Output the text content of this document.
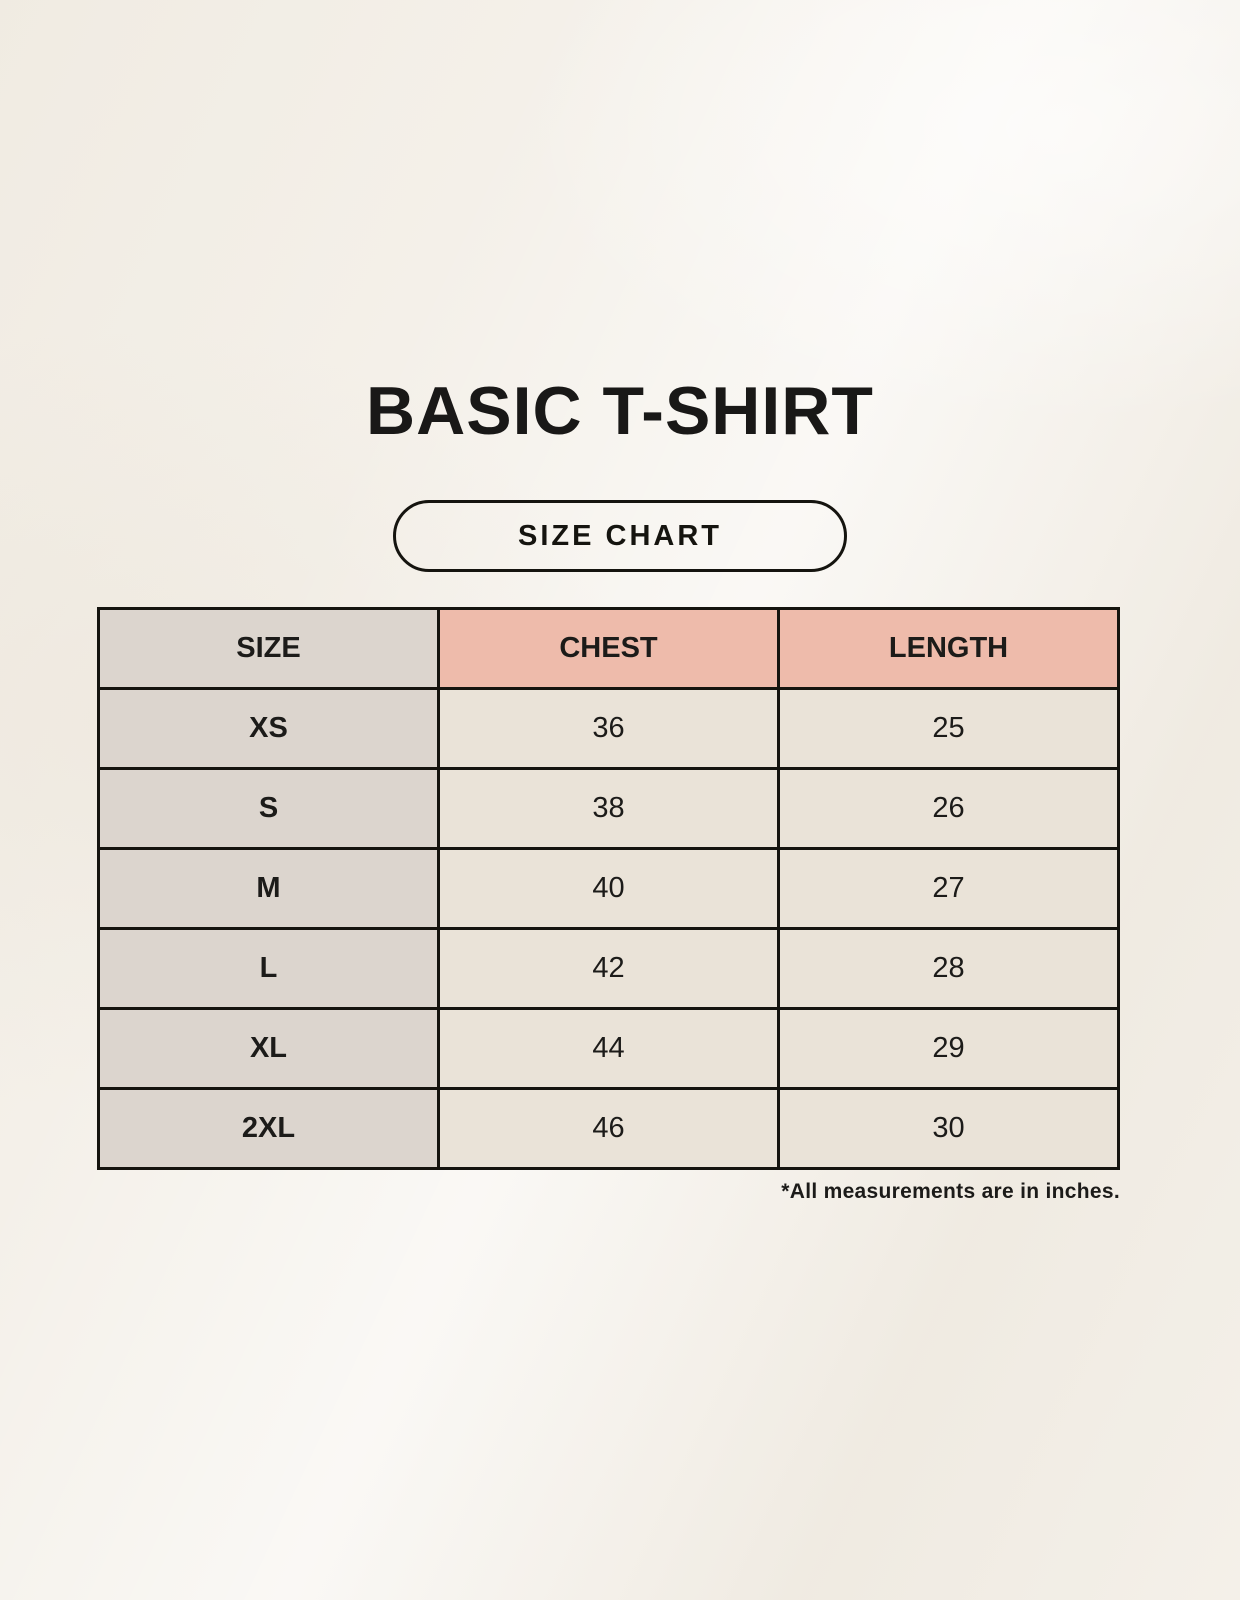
BASIC T-SHIRT
SIZE CHART
SIZE	CHEST	LENGTH
XS	36	25
S	38	26
M	40	27
L	42	28
XL	44	29
2XL	46	30
*All measurements are in inches.
